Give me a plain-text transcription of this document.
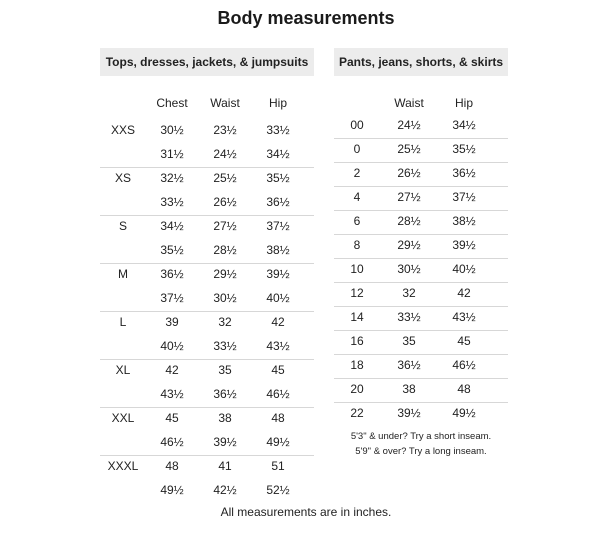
Body measurements
Tops, dresses, jackets, & jumpsuits
Chest	Waist	Hip
XXS	30½	23½	33½
31½	24½	34½
XS	32½	25½	35½
33½	26½	36½
S	34½	27½	37½
35½	28½	38½
M	36½	29½	39½
37½	30½	40½
L	39	32	42
40½	33½	43½
XL	42	35	45
43½	36½	46½
XXL	45	38	48
46½	39½	49½
XXXL	48	41	51
49½	42½	52½
Pants, jeans, shorts, & skirts
Waist	Hip
00	24½	34½
0	25½	35½
2	26½	36½
4	27½	37½
6	28½	38½
8	29½	39½
10	30½	40½
12	32	42
14	33½	43½
16	35	45
18	36½	46½
20	38	48
22	39½	49½
5'3" & under? Try a short inseam.
5'9" & over? Try a long inseam.
All measurements are in inches.
